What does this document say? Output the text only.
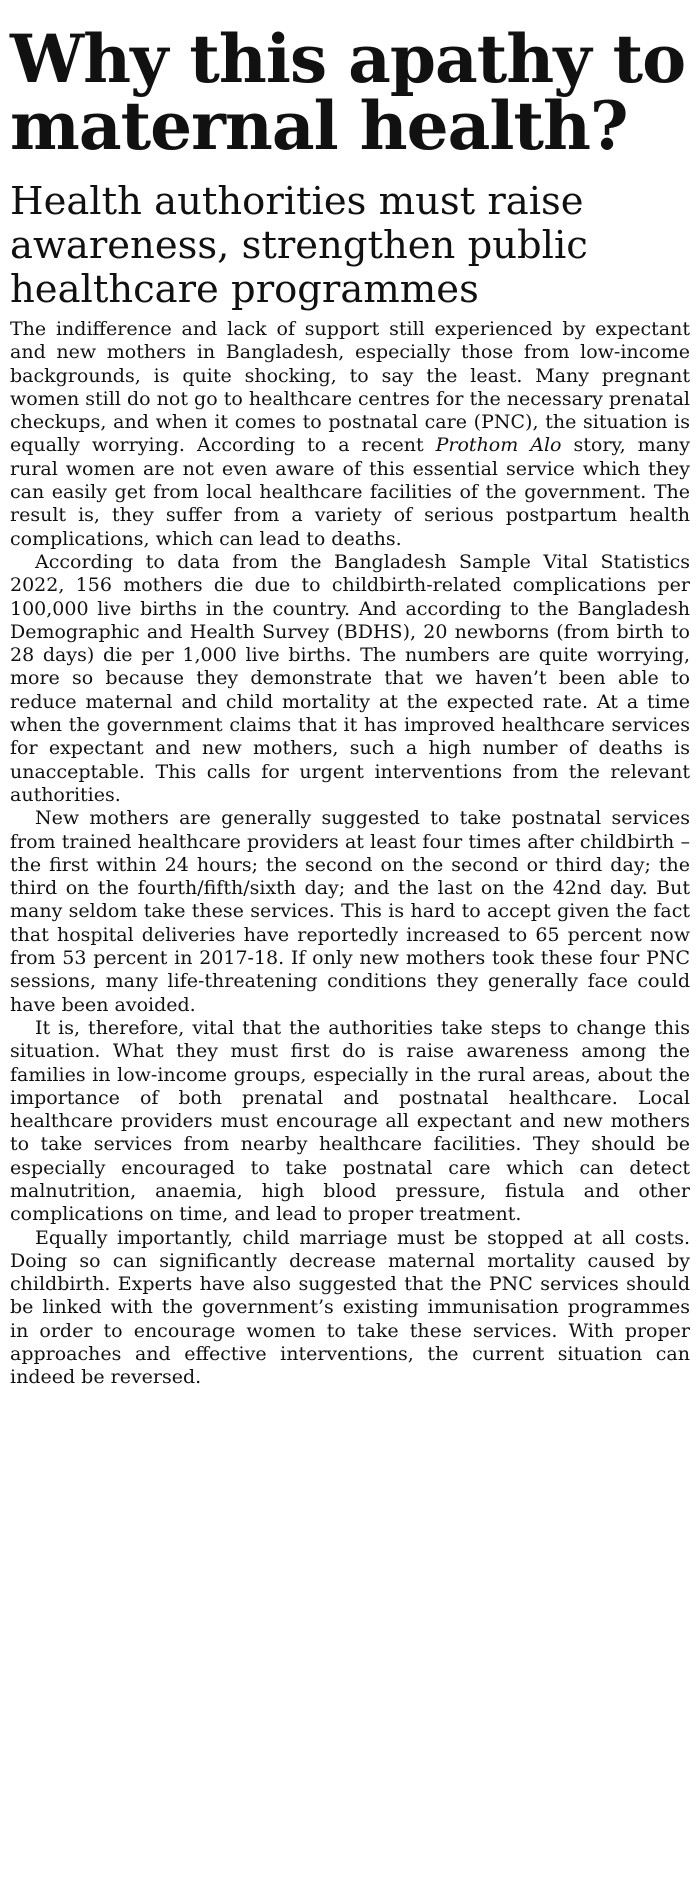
Why this apathy to maternal health?
Health authorities must raise awareness, strengthen public healthcare programmes

The indifference and lack of support still experienced by expectant and new mothers in Bangladesh, especially those from low-income backgrounds, is quite shocking, to say the least. Many pregnant women still do not go to healthcare centres for the necessary prenatal checkups, and when it comes to postnatal care (PNC), the situation is equally worrying. According to a recent Prothom Alo story, many rural women are not even aware of this essential service which they can easily get from local healthcare facilities of the government. The result is, they suffer from a variety of serious postpartum health complications, which can lead to deaths.

According to data from the Bangladesh Sample Vital Statistics 2022, 156 mothers die due to childbirth-related complications per 100,000 live births in the country. And according to the Bangladesh Demographic and Health Survey (BDHS), 20 newborns (from birth to 28 days) die per 1,000 live births. The numbers are quite worrying, more so because they demonstrate that we haven’t been able to reduce maternal and child mortality at the expected rate. At a time when the government claims that it has improved healthcare services for expectant and new mothers, such a high number of deaths is unacceptable. This calls for urgent interventions from the relevant authorities.

New mothers are generally suggested to take postnatal services from trained healthcare providers at least four times after childbirth – the first within 24 hours; the second on the second or third day; the third on the fourth/fifth/sixth day; and the last on the 42nd day. But many seldom take these services. This is hard to accept given the fact that hospital deliveries have reportedly increased to 65 percent now from 53 percent in 2017-18. If only new mothers took these four PNC sessions, many life-threatening conditions they generally face could have been avoided.

It is, therefore, vital that the authorities take steps to change this situation. What they must first do is raise awareness among the families in low-income groups, especially in the rural areas, about the importance of both prenatal and postnatal healthcare. Local healthcare providers must encourage all expectant and new mothers to take services from nearby healthcare facilities. They should be especially encouraged to take postnatal care which can detect malnutrition, anaemia, high blood pressure, fistula and other complications on time, and lead to proper treatment.

Equally importantly, child marriage must be stopped at all costs. Doing so can significantly decrease maternal mortality caused by childbirth. Experts have also suggested that the PNC services should be linked with the government’s existing immunisation programmes in order to encourage women to take these services. With proper approaches and effective interventions, the current situation can indeed be reversed.
